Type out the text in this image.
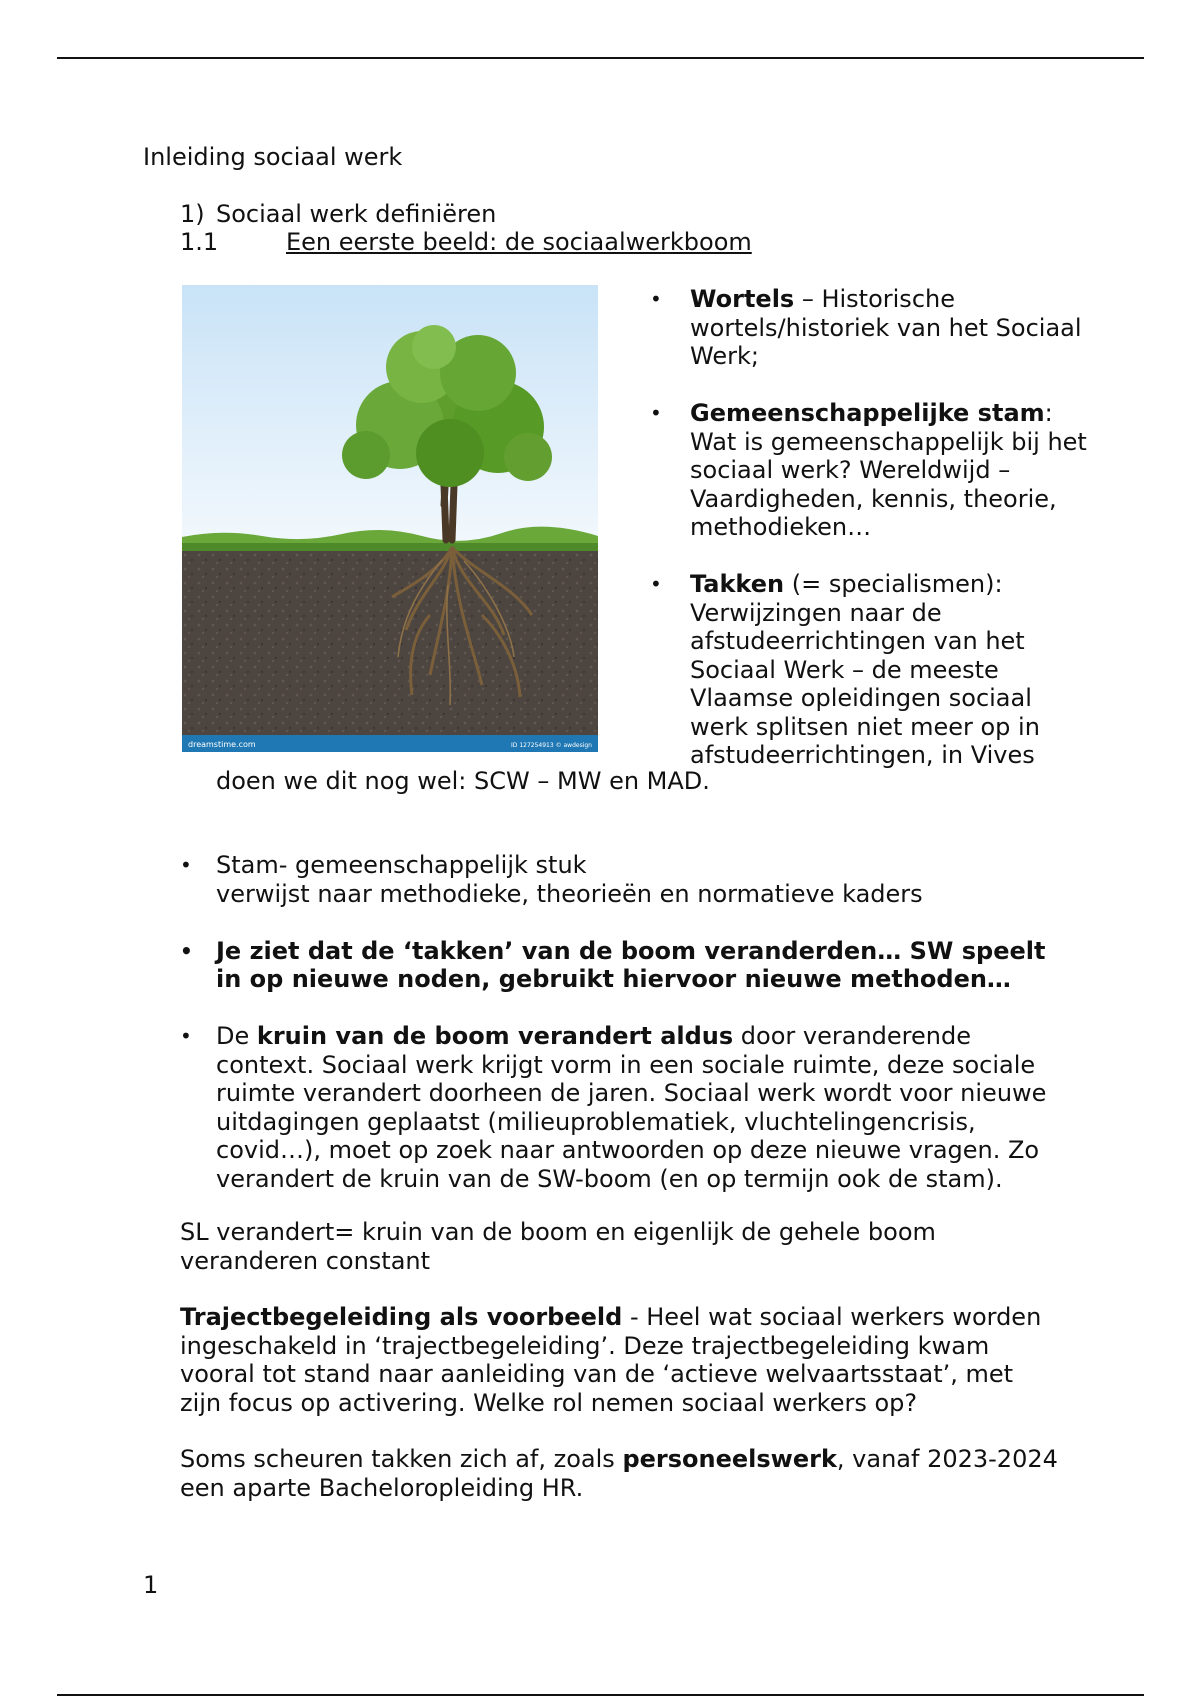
Inleiding sociaal werk
1) Sociaal werk definiëren
1.1	Een eerste beeld: de sociaalwerkboom
dreamstime.com	ID 127254913 © awdesign
• Wortels – Historische wortels/historiek van het Sociaal Werk;
• Gemeenschappelijke stam: Wat is gemeenschappelijk bij het sociaal werk? Wereldwijd – Vaardigheden, kennis, theorie, methodieken…
• Takken (= specialismen): Verwijzingen naar de afstudeerrichtingen van het Sociaal Werk – de meeste Vlaamse opleidingen sociaal werk splitsen niet meer op in afstudeerrichtingen, in Vives
doen we dit nog wel: SCW – MW en MAD.
• Stam- gemeenschappelijk stuk
verwijst naar methodieke, theorieën en normatieve kaders
• Je ziet dat de ‘takken’ van de boom veranderden… SW speelt in op nieuwe noden, gebruikt hiervoor nieuwe methoden…
• De kruin van de boom verandert aldus door veranderende context. Sociaal werk krijgt vorm in een sociale ruimte, deze sociale ruimte verandert doorheen de jaren. Sociaal werk wordt voor nieuwe uitdagingen geplaatst (milieuproblematiek, vluchtelingencrisis, covid…), moet op zoek naar antwoorden op deze nieuwe vragen. Zo verandert de kruin van de SW-boom (en op termijn ook de stam).
SL verandert= kruin van de boom en eigenlijk de gehele boom
veranderen constant
Trajectbegeleiding als voorbeeld - Heel wat sociaal werkers worden ingeschakeld in ‘trajectbegeleiding’. Deze trajectbegeleiding kwam vooral tot stand naar aanleiding van de ‘actieve welvaartsstaat’, met zijn focus op activering. Welke rol nemen sociaal werkers op?
Soms scheuren takken zich af, zoals personeelswerk, vanaf 2023-2024 een aparte Bacheloropleiding HR.
1
